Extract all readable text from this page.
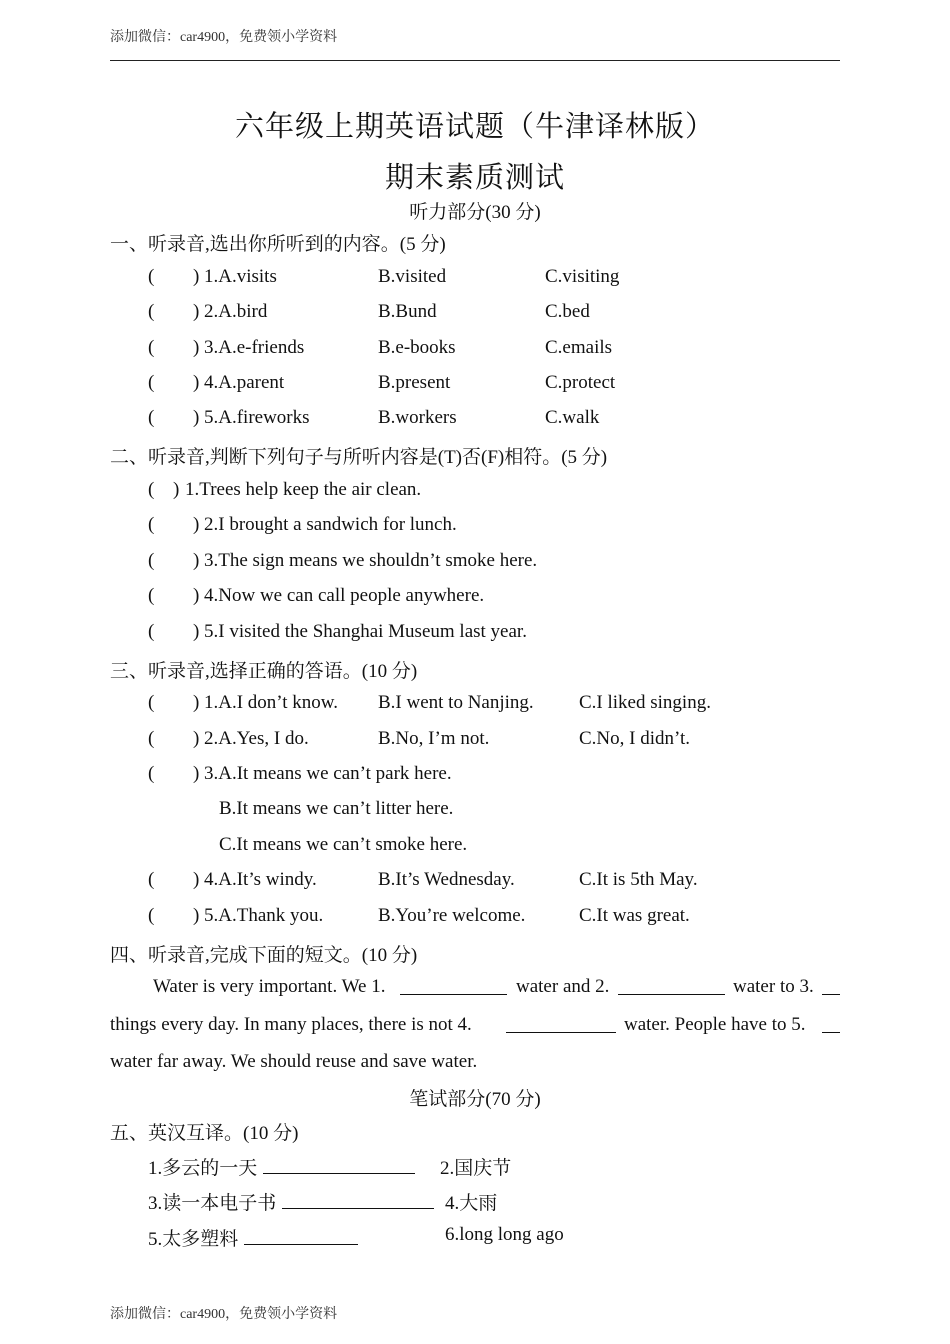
添加微信：car4900，免费领小学资料
六年级上期英语试题（牛津译林版）
期末素质测试
听力部分(30 分)
一、听录音,选出你所听到的内容。(5 分)
( ) 1.A.visits	B.visited	C.visiting
( ) 2.A.bird	B.Bund	C.bed
( ) 3.A.e-friends	B.e-books	C.emails
( ) 4.A.parent	B.present	C.protect
( ) 5.A.fireworks	B.workers	C.walk
二、听录音,判断下列句子与所听内容是(T)否(F)相符。(5 分)
( ) 1.Trees help keep the air clean.
( ) 2.I brought a sandwich for lunch.
( ) 3.The sign means we shouldn’t smoke here.
( ) 4.Now we can call people anywhere.
( ) 5.I visited the Shanghai Museum last year.
三、听录音,选择正确的答语。(10 分)
( ) 1.A.I don’t know. B.I went to Nanjing. C.I liked singing.
( ) 2.A.Yes, I do.	B.No, I’m not.	C.No, I didn’t.
( ) 3.A.It means we can’t park here.
B.It means we can’t litter here.
C.It means we can’t smoke here.
( ) 4.A.It’s windy.	B.It’s Wednesday.	C.It is 5th May.
( ) 5.A.Thank you.	B.You’re welcome.	C.It was great.
四、听录音,完成下面的短文。(10 分)
Water is very important. We 1.	water and 2.	water to 3.
things every day. In many places, there is not 4.	water. People have to 5.
water far away. We should reuse and save water.
笔试部分(70 分)
五、英汉互译。(10 分)
1.多云的一天	2.国庆节
3.读一本电子书	4.大雨
5.太多塑料	6.long long ago
添加微信：car4900，免费领小学资料
